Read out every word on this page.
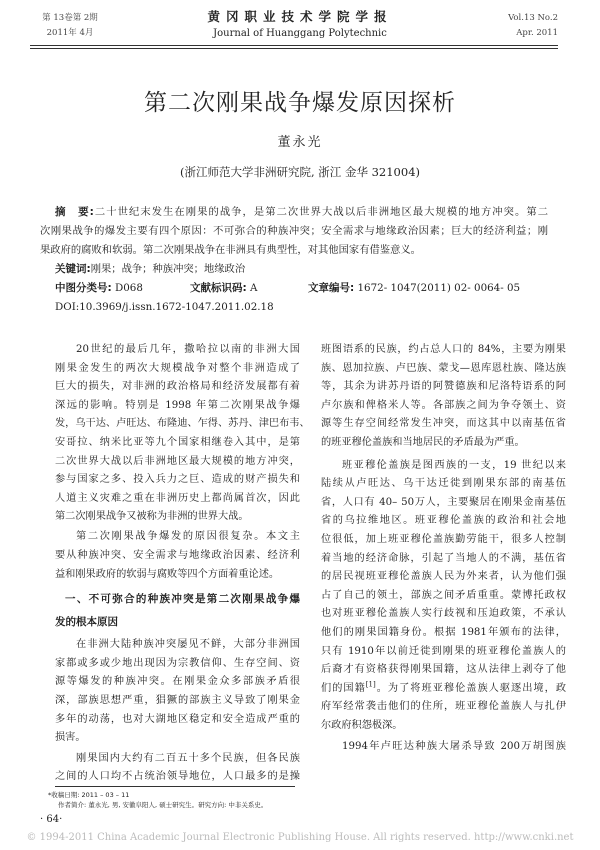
第 13卷第 2期
2011年 4月
黄冈职业技术学院学报
Journal of Huanggang Polytechnic
Vol.13 No.2
Apr. 2011
第二次刚果战争爆发原因探析
董永光
(浙江师范大学非洲研究院, 浙江 金华 321004)
摘　要:二十世纪末发生在刚果的战争，是第二次世界大战以后非洲地区最大规模的地方冲突。第二
次刚果战争的爆发主要有四个原因：不可弥合的种族冲突；安全需求与地缘政治因素；巨大的经济利益；刚
果政府的腐败和软弱。第二次刚果战争在非洲具有典型性，对其他国家有借鉴意义。
关键词:刚果；战争；种族冲突；地缘政治
中图分类号: D068	文献标识码: A	文章编号: 1672- 1047(2011) 02- 0064- 05
DOI:10.3969/j.issn.1672-1047.2011.02.18
20世纪的最后几年，撒哈拉以南的非洲大国
刚果金发生的两次大规模战争对整个非洲造成了
巨大的损失，对非洲的政治格局和经济发展都有着
深远的影响。特别是 1998 年第二次刚果战争爆
发，乌干达、卢旺达、布隆迪、乍得、苏丹、津巴布韦、
安哥拉、纳米比亚等九个国家相继卷入其中，是第
二次世界大战以后非洲地区最大规模的地方冲突，
参与国家之多、投入兵力之巨、造成的财产损失和
人道主义灾难之重在非洲历史上都尚属首次，因此
第二次刚果战争又被称为非洲的世界大战。
第二次刚果战争爆发的原因很复杂。本文主
要从种族冲突、安全需求与地缘政治因素、经济利
益和刚果政府的软弱与腐败等四个方面着重论述。
一、不可弥合的种族冲突是第二次刚果战争爆
发的根本原因
在非洲大陆种族冲突屡见不鲜，大部分非洲国
家都或多或少地出现因为宗教信仰、生存空间、资
源等爆发的种族冲突。在刚果金众多部族矛盾很
深，部族思想严重，猖獗的部族主义导致了刚果金
多年的动荡，也对大湖地区稳定和安全造成严重的
损害。
刚果国内大约有二百五十多个民族，但各民族
之间的人口均不占统治领导地位，人口最多的是操
班图语系的民族，约占总人口的 84%，主要为刚果
族、恩加拉族、卢巴族、蒙戈—恩库恩杜族、隆达族
等，其余为讲苏丹语的阿赞德族和尼洛特语系的阿
卢尔族和俾格米人等。各部族之间为争夺领土、资
源等生存空间经常发生冲突，而这其中以南基伍省
的班亚穆伦盖族和当地居民的矛盾最为严重。
班亚穆伦盖族是图西族的一支，19 世纪以来
陆续从卢旺达、乌干达迁徙到刚果东部的南基伍
省，人口有 40– 50万人，主要聚居在刚果金南基伍
省的乌拉维地区。班亚穆伦盖族的政治和社会地
位很低，加上班亚穆伦盖族勤劳能干，很多人控制
着当地的经济命脉，引起了当地人的不满，基伍省
的居民视班亚穆伦盖族人民为外来者，认为他们强
占了自己的领土，部族之间矛盾重重。蒙博托政权
也对班亚穆伦盖族人实行歧视和压迫政策，不承认
他们的刚果国籍身份。根据 1981年颁布的法律，
只有 1910年以前迁徙到刚果的班亚穆伦盖族人的
后裔才有资格获得刚果国籍，这从法律上剥夺了他
们的国籍[1]。为了将班亚穆伦盖族人驱逐出境，政
府军经常袭击他们的住所，班亚穆伦盖族人与扎伊
尔政府积怨极深。
1994年卢旺达种族大屠杀导致 200万胡图族
*收稿日期: 2011 – 03 – 11
作者简介: 董永光, 男, 安徽阜阳人, 硕士研究生。研究方向: 中非关系史。
· 64·
© 1994-2011 China Academic Journal Electronic Publishing House. All rights reserved. http://www.cnki.net
